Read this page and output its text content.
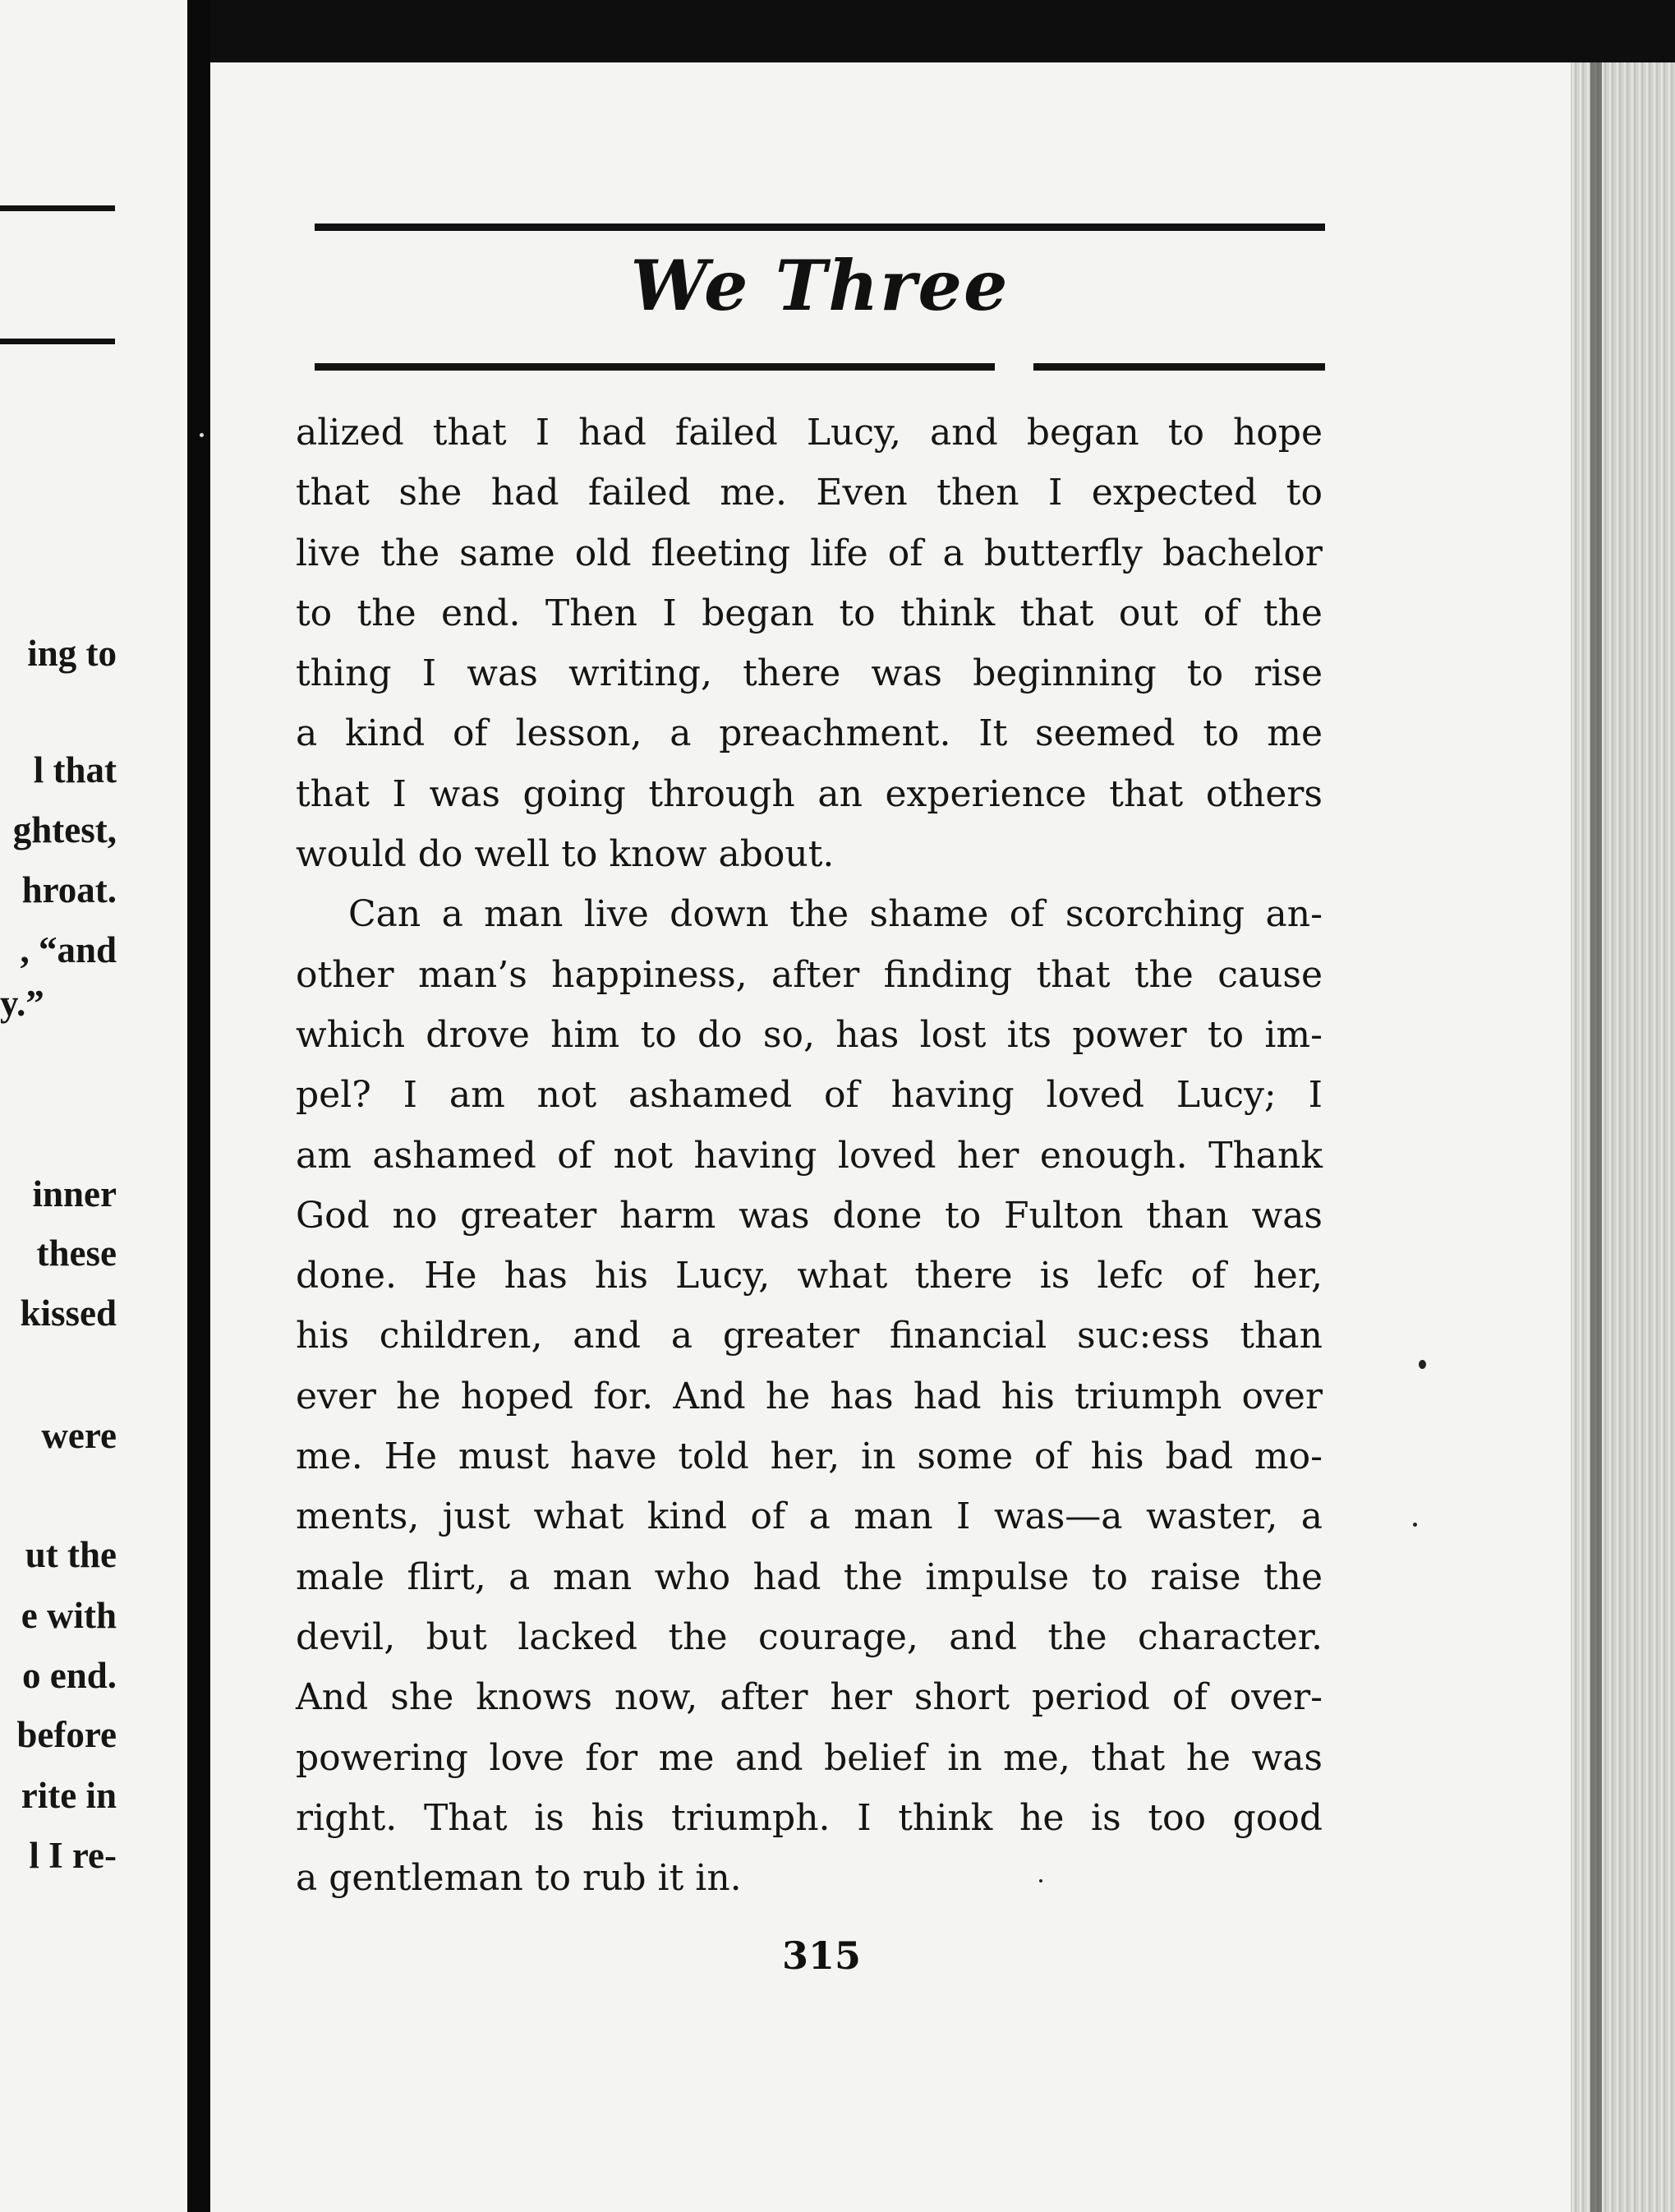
ing to

l that

ghtest,

hroat.

, “and

y.”

inner

these

kissed

were

ut the

e with

o end.

before

rite in

l I re-

We Three

alized that I had failed Lucy, and began to hope
that she had failed me. Even then I expected to
live the same old fleeting life of a butterfly bachelor
to the end. Then I began to think that out of the
thing I was writing, there was beginning to rise
a kind of lesson, a preachment. It seemed to me
that I was going through an experience that others
would do well to know about.

Can a man live down the shame of scorching an-
other man’s happiness, after finding that the cause
which drove him to do so, has lost its power to im-
pel? I am not ashamed of having loved Lucy; I
am ashamed of not having loved her enough. Thank
God no greater harm was done to Fulton than was
done. He has his Lucy, what there is lefc of her,
his children, and a greater financial suc:ess than
ever he hoped for. And he has had his triumph over
me. He must have told her, in some of his bad mo-
ments, just what kind of a man I was—a waster, a
male flirt, a man who had the impulse to raise the
devil, but lacked the courage, and the character.
And she knows now, after her short period of over-
powering love for me and belief in me, that he was
right. That is his triumph. I think he is too good
a gentleman to rub it in.

315
